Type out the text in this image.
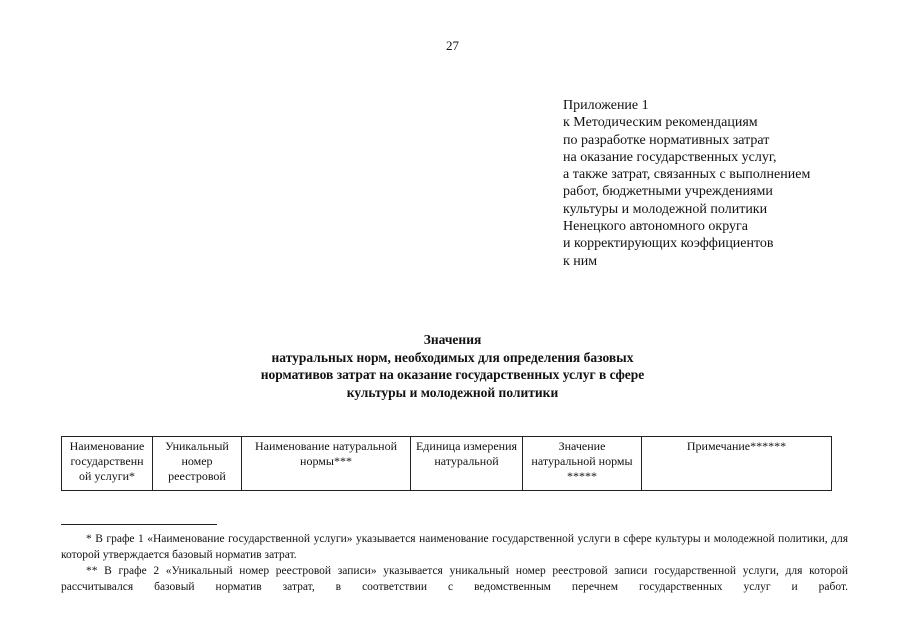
27
Приложение 1
к Методическим рекомендациям
по разработке нормативных затрат
на оказание государственных услуг,
а также затрат, связанных с выполнением
работ, бюджетными учреждениями
культуры и молодежной политики
Ненецкого автономного округа
и корректирующих коэффициентов
к ним
Значения
натуральных норм, необходимых для определения базовых
нормативов затрат на оказание государственных услуг в сфере
культуры и молодежной политики
Наименование государственн ой услуги*	Уникальный номер реестровой	Наименование натуральной нормы***	Единица измерения натуральной	Значение натуральной нормы *****	Примечание******
* В графе 1 «Наименование государственной услуги» указывается наименование государственной услуги в сфере культуры и молодежной политики, для которой утверждается базовый норматив затрат.
** В графе 2 «Уникальный номер реестровой записи» указывается уникальный номер реестровой записи государственной услуги, для которой рассчитывался базовый норматив затрат, в соответствии с ведомственным перечнем государственных услуг и работ.
